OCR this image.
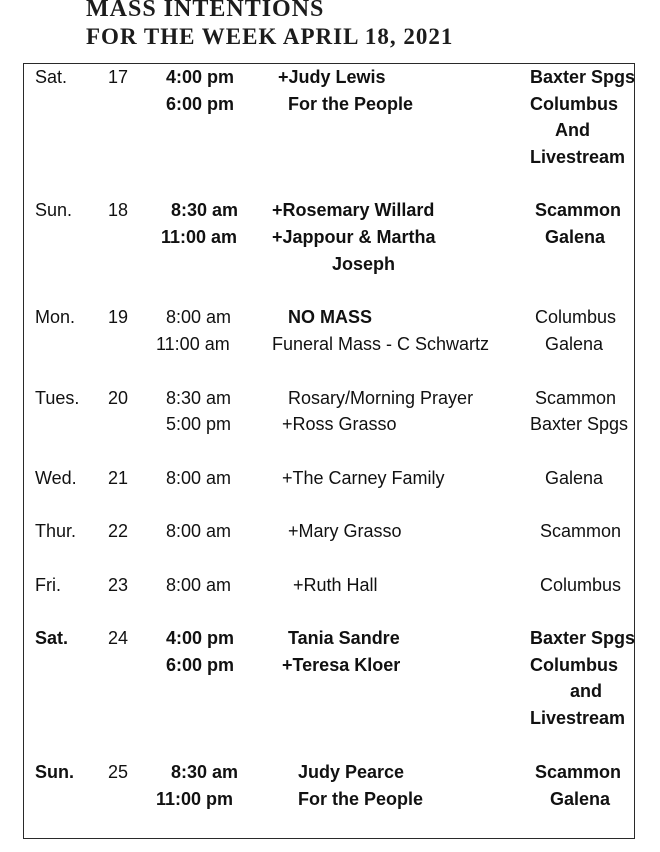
MASS INTENTIONS
FOR THE WEEK APRIL 18, 2021
Sat. 17 4:00 pm +Judy Lewis	Baxter Spgs
6:00 pm	For the People	Columbus
And
Livestream
Sun. 18 8:30 am +Rosemary Willard	Scammon
11:00 am +Jappour & Martha	Galena
Joseph
Mon. 19 8:00 am	NO MASS	Columbus
11:00 am Funeral Mass - C Schwartz	Galena
Tues. 20 8:30 am	Rosary/Morning Prayer	Scammon
5:00 pm	+Ross Grasso	Baxter Spgs
Wed. 21 8:00 am	+The Carney Family	Galena
Thur. 22 8:00 am	+Mary Grasso	Scammon
Fri.	23 8:00 am	+Ruth Hall	Columbus
Sat. 24 4:00 pm	Tania Sandre	Baxter Spgs
6:00 pm	+Teresa Kloer	Columbus
and
Livestream
Sun. 25 8:30 am	Judy Pearce	Scammon
11:00 pm	For the People	Galena
